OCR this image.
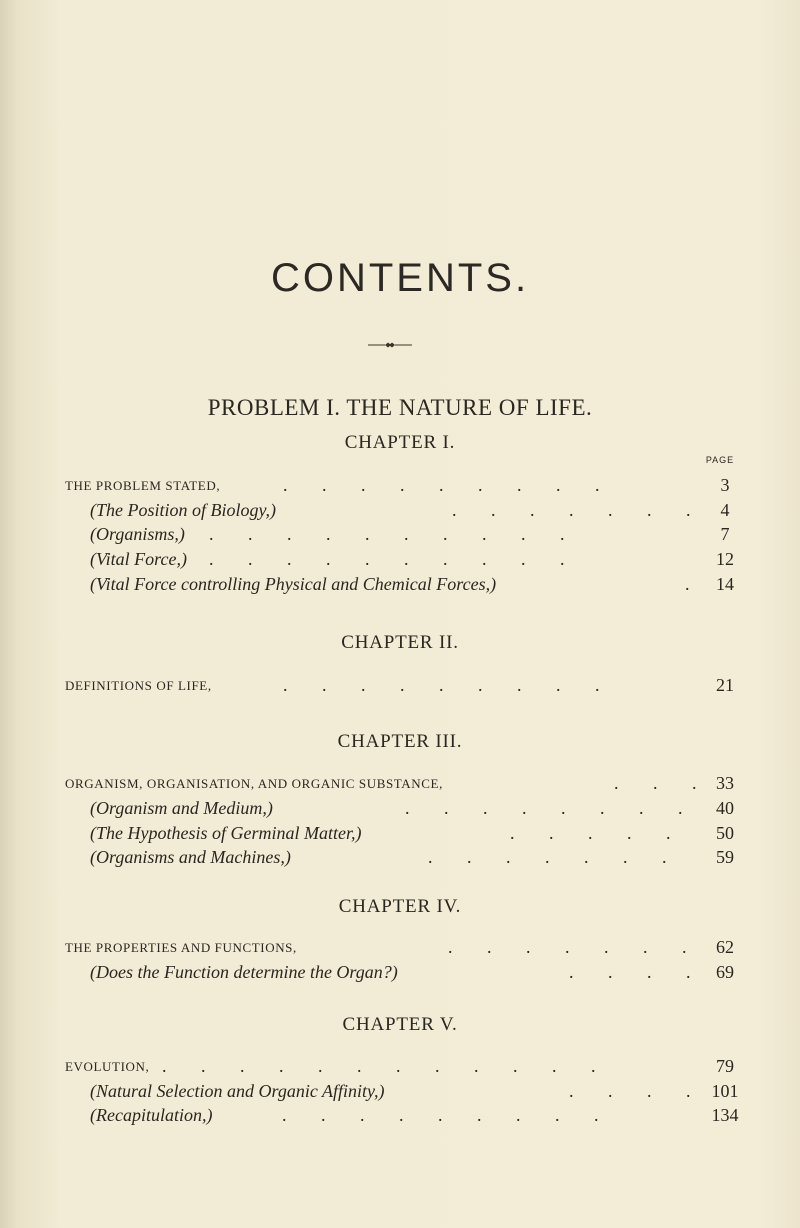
CONTENTS.
PROBLEM I. THE NATURE OF LIFE.
CHAPTER I.
PAGE
THE PROBLEM STATED,	. . . . . . . . .	3
(The Position of Biology,)	. . . . . . . 4
(Organisms,) . . . . . . . . . .	7
(Vital Force,) . . . . . . . . . .	12
(Vital Force controlling Physical and Chemical Forces,)	. 14
CHAPTER II.
DEFINITIONS OF LIFE,	. . . . . . . . .	21
CHAPTER III.
ORGANISM, ORGANISATION, AND ORGANIC SUBSTANCE,	. . . 33
(Organism and Medium,)	. . . . . . . .	40
(The Hypothesis of Germinal Matter,)	. . . . .	50
(Organisms and Machines,)	. . . . . . .	59
CHAPTER IV.
THE PROPERTIES AND FUNCTIONS,	. . . . . . . 62
(Does the Function determine the Organ?)	. . . . 69
CHAPTER V.
EVOLUTION, . . . . . . . . . . . .	79
(Natural Selection and Organic Affinity,)	. . . . 101
(Recapitulation,)	. . . . . . . . .	134
